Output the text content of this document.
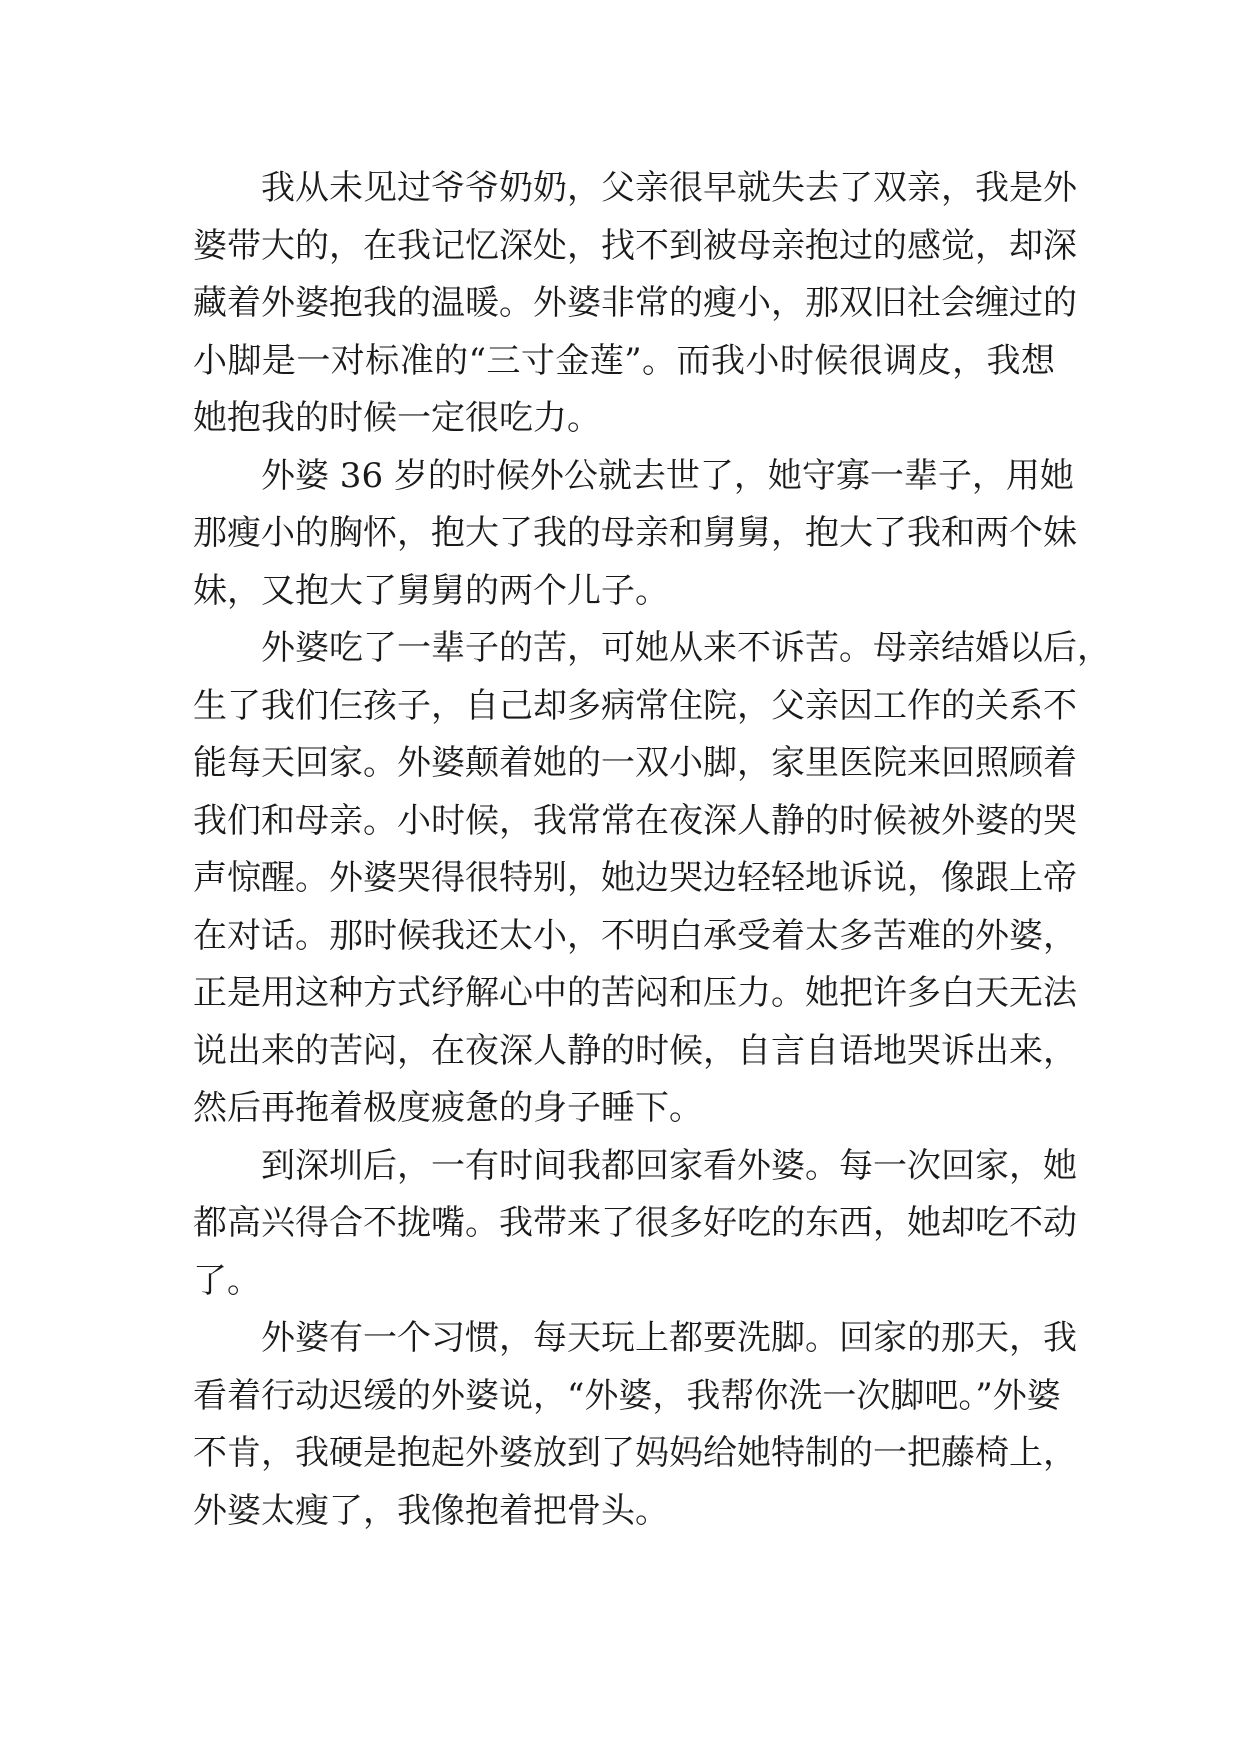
我从未见过爷爷奶奶，父亲很早就失去了双亲，我是外
婆带大的，在我记忆深处，找不到被母亲抱过的感觉，却深
藏着外婆抱我的温暖。外婆非常的瘦小，那双旧社会缠过的
小脚是一对标准的“三寸金莲”。而我小时候很调皮，我想
她抱我的时候一定很吃力。
外婆 36 岁的时候外公就去世了，她守寡一辈子，用她
那瘦小的胸怀，抱大了我的母亲和舅舅，抱大了我和两个妹
妹，又抱大了舅舅的两个儿子。
外婆吃了一辈子的苦，可她从来不诉苦。母亲结婚以后，
生了我们仨孩子，自己却多病常住院，父亲因工作的关系不
能每天回家。外婆颠着她的一双小脚，家里医院来回照顾着
我们和母亲。小时候，我常常在夜深人静的时候被外婆的哭
声惊醒。外婆哭得很特别，她边哭边轻轻地诉说，像跟上帝
在对话。那时候我还太小，不明白承受着太多苦难的外婆，
正是用这种方式纾解心中的苦闷和压力。她把许多白天无法
说出来的苦闷，在夜深人静的时候，自言自语地哭诉出来，
然后再拖着极度疲惫的身子睡下。
到深圳后，一有时间我都回家看外婆。每一次回家，她
都高兴得合不拢嘴。我带来了很多好吃的东西，她却吃不动
了。
外婆有一个习惯，每天玩上都要洗脚。回家的那天，我
看着行动迟缓的外婆说，“外婆，我帮你洗一次脚吧。”外婆
不肯，我硬是抱起外婆放到了妈妈给她特制的一把藤椅上，
外婆太瘦了，我像抱着把骨头。
